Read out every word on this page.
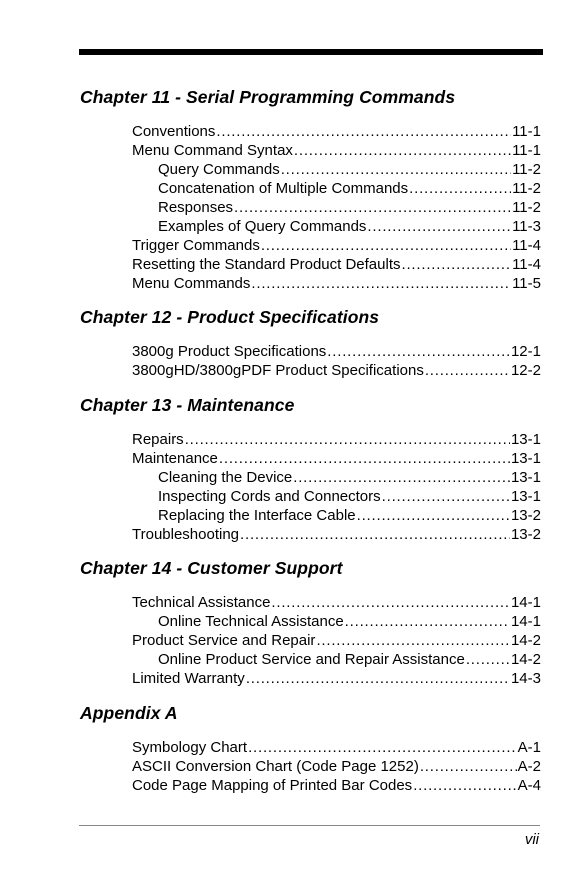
Chapter 11 - Serial Programming Commands
Conventions .....	11-1
Menu Command Syntax .....	11-1
Query Commands .....	11-2
Concatenation of Multiple Commands .....	11-2
Responses .....	11-2
Examples of Query Commands .....	11-3
Trigger Commands .....	11-4
Resetting the Standard Product Defaults .....	11-4
Menu Commands .....	11-5
Chapter 12 - Product Specifications
3800g Product Specifications .....	12-1
3800gHD/3800gPDF Product Specifications .....	12-2
Chapter 13 - Maintenance
Repairs .....	13-1
Maintenance .....	13-1
Cleaning the Device .....	13-1
Inspecting Cords and Connectors .....	13-1
Replacing the Interface Cable .....	13-2
Troubleshooting .....	13-2
Chapter 14 - Customer Support
Technical Assistance .....	14-1
Online Technical Assistance .....	14-1
Product Service and Repair .....	14-2
Online Product Service and Repair Assistance .....	14-2
Limited Warranty .....	14-3
Appendix A
Symbology Chart .....	A-1
ASCII Conversion Chart (Code Page 1252) .....	A-2
Code Page Mapping of Printed Bar Codes .....	A-4
vii
